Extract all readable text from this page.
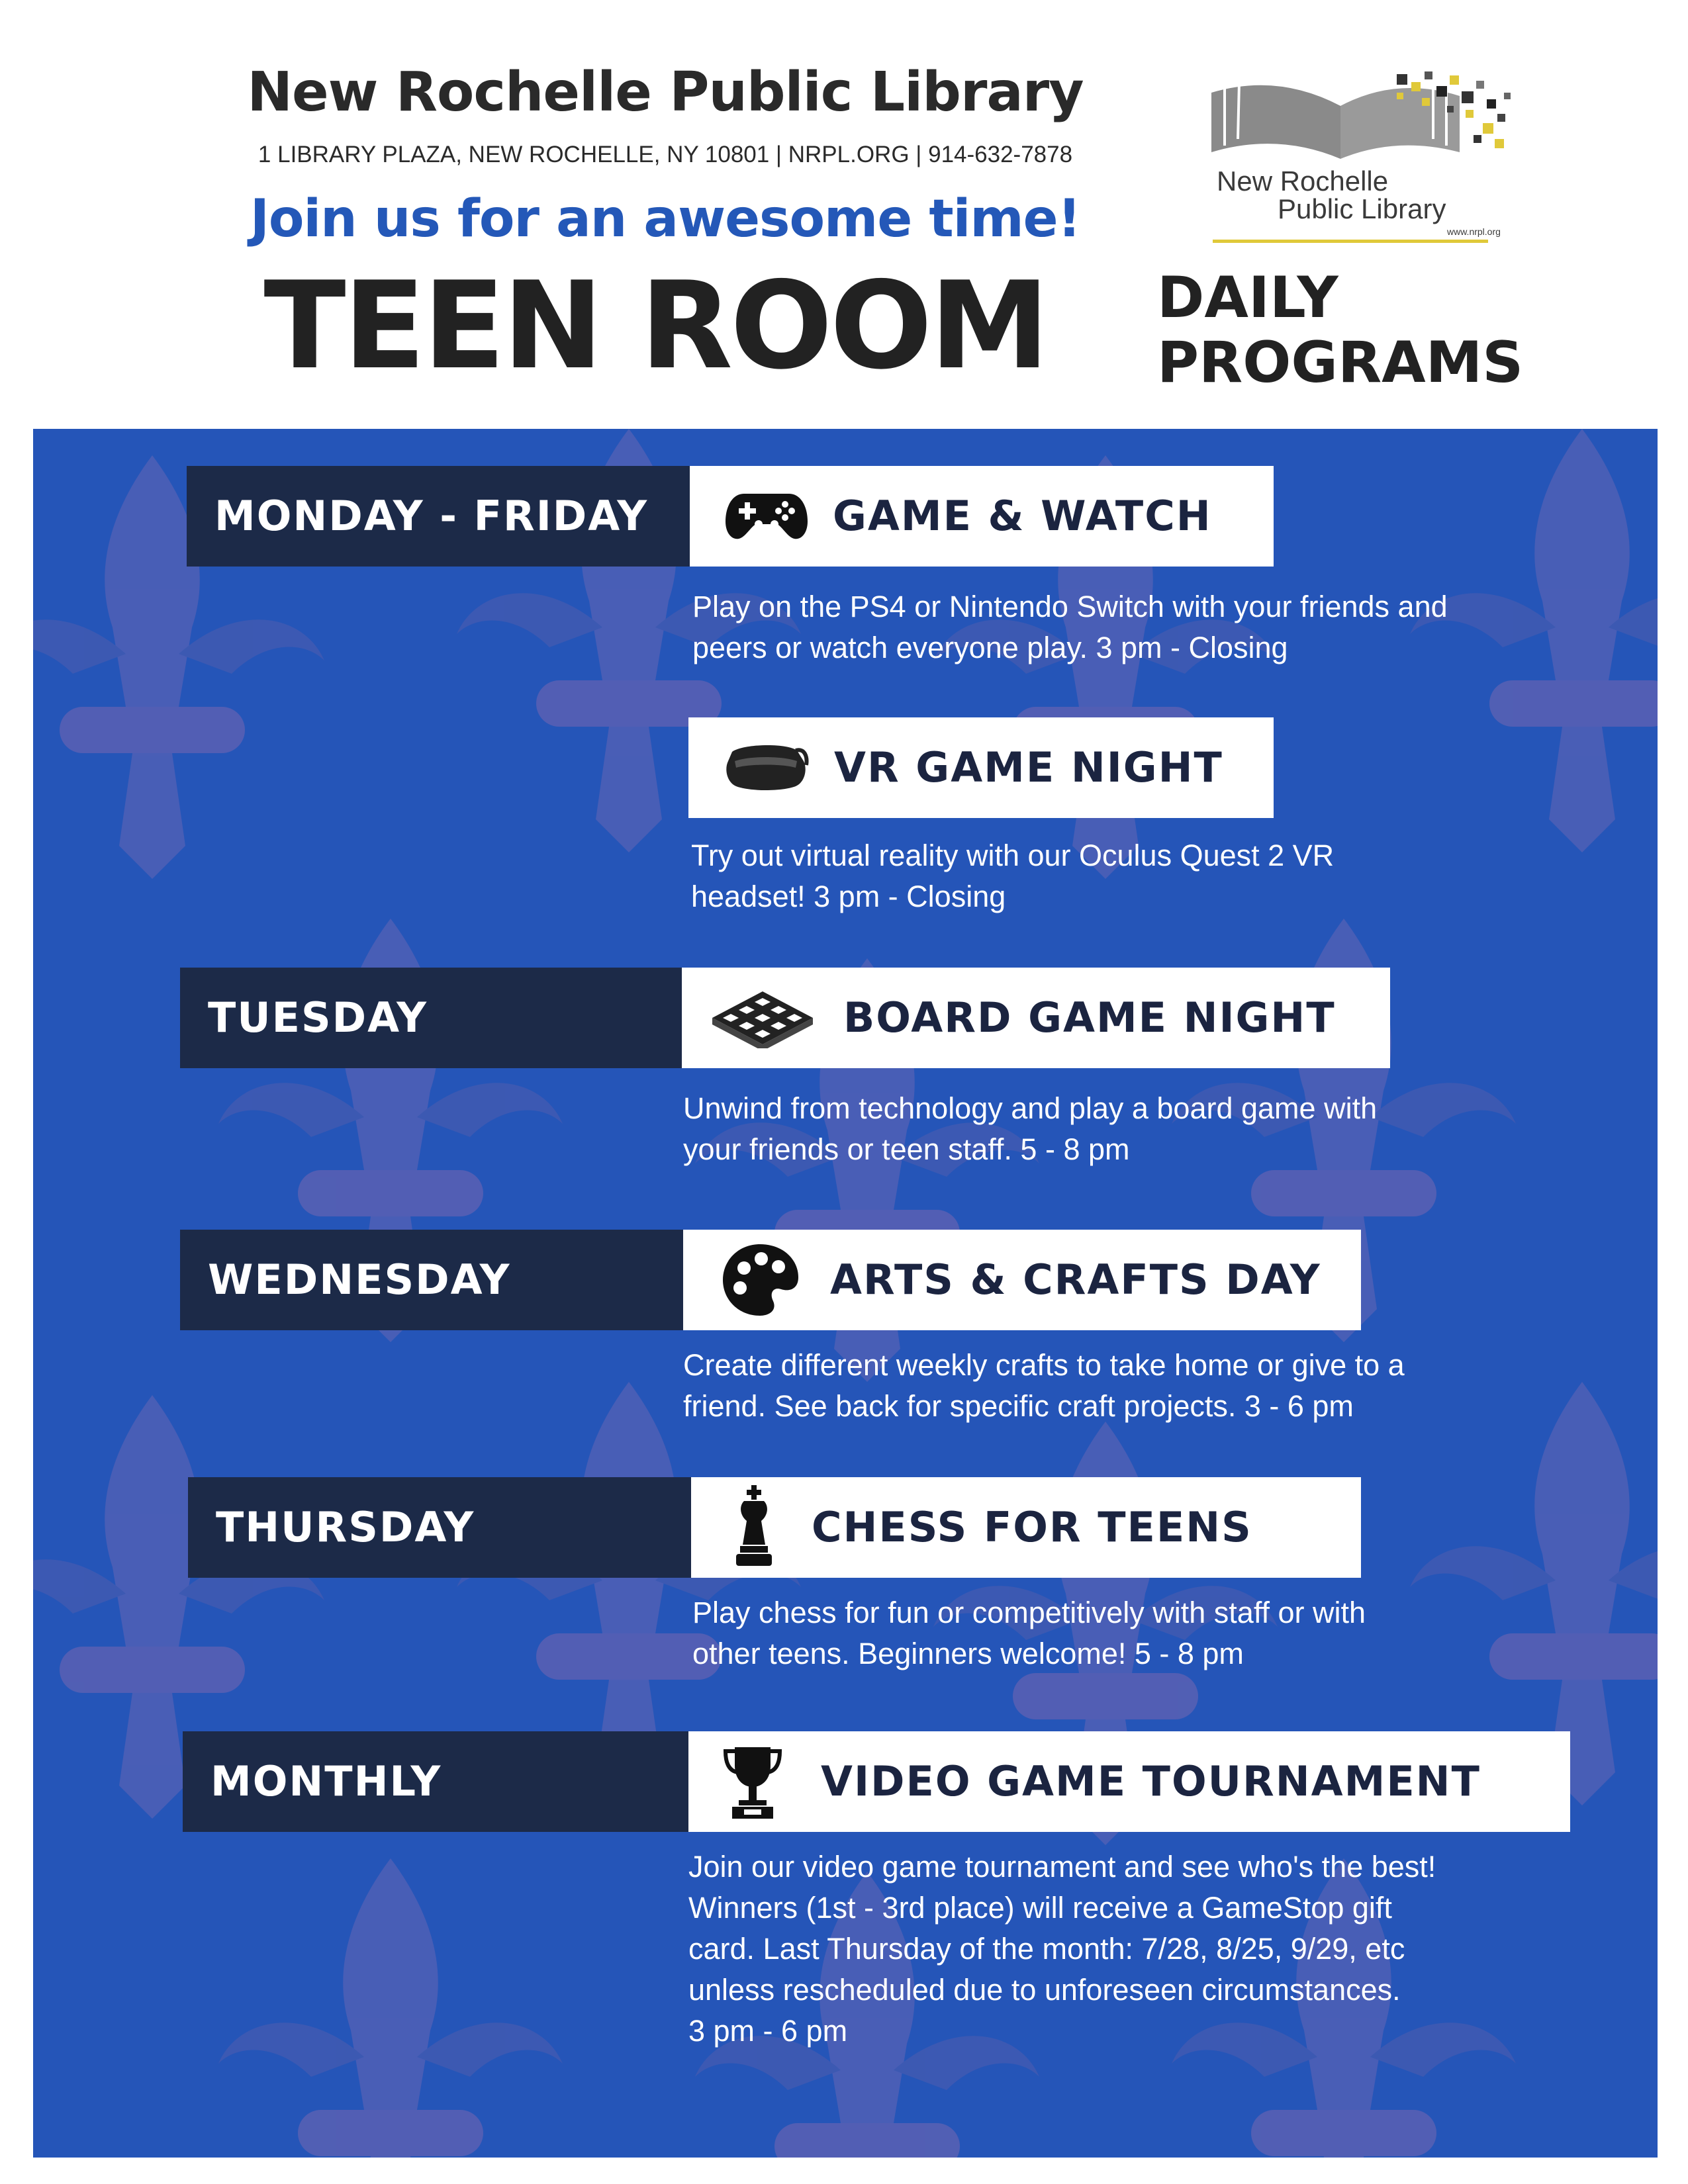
New Rochelle Public Library
1 LIBRARY PLAZA, NEW ROCHELLE, NY 10801 | NRPL.ORG | 914-632-7878
Join us for an awesome time!
TEEN ROOM	DAILY
PROGRAMS
New Rochelle
Public Library
www.nrpl.org
MONDAY - FRIDAY	GAME & WATCH
Play on the PS4 or Nintendo Switch with your friends and
peers or watch everyone play. 3 pm - Closing
VR GAME NIGHT
Try out virtual reality with our Oculus Quest 2 VR
headset! 3 pm - Closing
TUESDAY	BOARD GAME NIGHT
Unwind from technology and play a board game with
your friends or teen staff. 5 - 8 pm
WEDNESDAY	ARTS & CRAFTS DAY
Create different weekly crafts to take home or give to a
friend. See back for specific craft projects. 3 - 6 pm
THURSDAY	CHESS FOR TEENS
Play chess for fun or competitively with staff or with
other teens. Beginners welcome! 5 - 8 pm
MONTHLY	VIDEO GAME TOURNAMENT
Join our video game tournament and see who's the best!
Winners (1st - 3rd place) will receive a GameStop gift
card. Last Thursday of the month: 7/28, 8/25, 9/29, etc
unless rescheduled due to unforeseen circumstances.
3 pm - 6 pm
